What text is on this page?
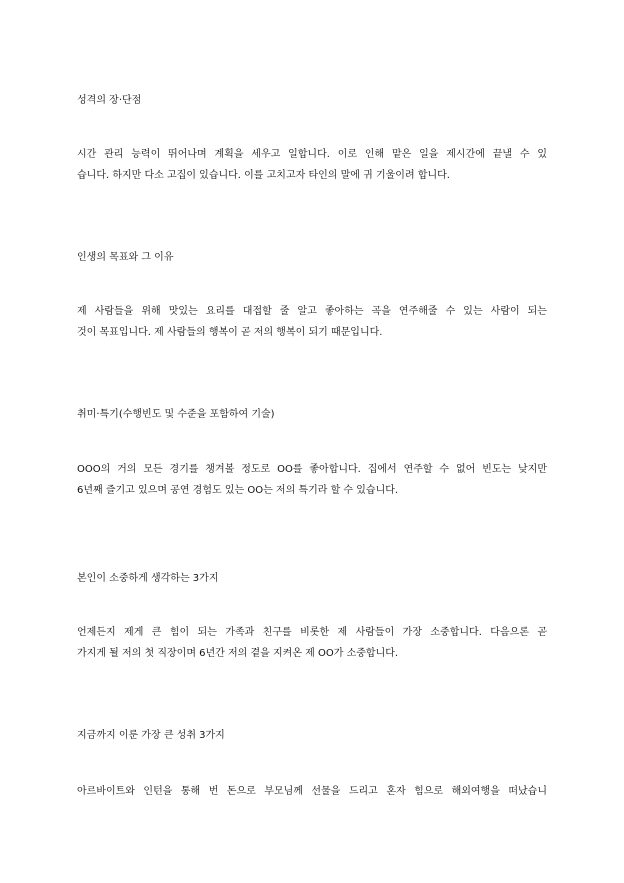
성격의 장·단점
시간 관리 능력이 뛰어나며 계획을 세우고 일합니다. 이로 인해 맡은 일을 제시간에 끝낼 수 있
습니다. 하지만 다소 고집이 있습니다. 이를 고치고자 타인의 말에 귀 기울이려 합니다.
인생의 목표와 그 이유
제 사람들을 위해 맛있는 요리를 대접할 줄 알고 좋아하는 곡을 연주해줄 수 있는 사람이 되는
것이 목표입니다. 제 사람들의 행복이 곧 저의 행복이 되기 때문입니다.
취미·특기(수행빈도 및 수준을 포함하여 기술)
OOO의 거의 모든 경기를 챙겨볼 정도로 OO를 좋아합니다. 집에서 연주할 수 없어 빈도는 낮지만
6년째 즐기고 있으며 공연 경험도 있는 OO는 저의 특기라 할 수 있습니다.
본인이 소중하게 생각하는 3가지
언제든지 제게 큰 힘이 되는 가족과 친구를 비롯한 제 사람들이 가장 소중합니다. 다음으론 곧
가지게 될 저의 첫 직장이며 6년간 저의 곁을 지켜온 제 OO가 소중합니다.
지금까지 이룬 가장 큰 성취 3가지
아르바이트와 인턴을 통해 번 돈으로 부모님께 선물을 드리고 혼자 힘으로 해외여행을 떠났습니
